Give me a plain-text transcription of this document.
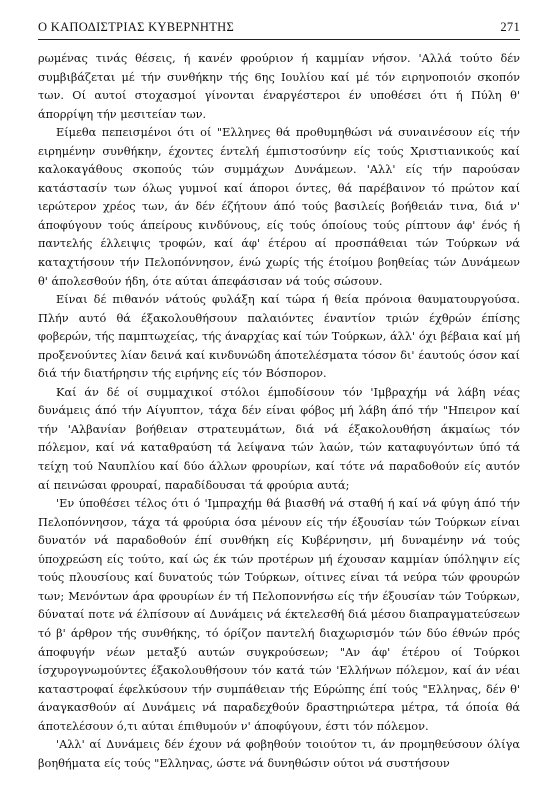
Ο ΚΑΠΟΔΙΣΤΡΙΑΣ ΚΥΒΕΡΝΗΤΗΣ	271

ρωμένας τινάς θέσεις, ή κανέν φρούριον ή καμμίαν νήσον. 'Αλλά τούτο δέν συμβιβάζεται μέ τήν συνθήκην τής 6ης Ιουλίου καί μέ τόν ειρηνοποιόν σκοπόν των. Οί αυτοί στοχασμοί γίνονται έναργέστεροι έν υποθέσει ότι ή Πύλη θ' άπορρίψη τήν μεσιτείαν των.

Είμεθα πεπεισμένοι ότι οί "Ελληνες θά προθυμηθώσι νά συναινέσουν είς τήν ειρημένην συνθήκην, έχοντες έντελή έμπιστοσύνην είς τούς Χριστιανικούς καί καλοκαγάθους σκοπούς τών συμμάχων Δυνάμεων. 'Αλλ' είς τήν παρούσαν κατάστασίν των όλως γυμνοί καί άποροι όντες, θά παρέβαινον τό πρώτον καί ιερώτερον χρέος των, άν δέν έζήτουν άπό τούς βασιλείς βοήθειάν τινα, διά ν' άποφύγουν τούς άπείρους κινδύνους, είς τούς όποίους τούς ρίπτουν άφ' ένός ή παντελής έλλειψις τροφών, καί άφ' έτέρου αί προσπάθειαι τών Τούρκων νά καταχτήσουν τήν Πελοπόννησον, ένώ χωρίς τής έτοίμου βοηθείας τών Δυνάμεων θ' άπολεσθούν ήδη, ότε αύται άπεφάσισαν νά τούς σώσουν.

Είναι δέ πιθανόν νάτούς φυλάξη καί τώρα ή θεία πρόνοια θαυματουργούσα. Πλήν αυτό θά έξακολουθήσουν παλαιόντες έναντίον τριών έχθρών έπίσης φοβερών, τής παμπτωχείας, τής άναρχίας καί τών Τούρκων, άλλ' όχι βέβαια καί μή προξενούντες λίαν δεινά καί κινδυνώδη άποτελέσματα τόσον δι' έαυτούς όσον καί διά τήν διατήρησιν τής ειρήνης είς τόν Βόσπορον.

Καί άν δέ οί συμμαχικοί στόλοι έμποδίσουν τόν 'Ιμβραχήμ νά λάβη νέας δυνάμεις άπό τήν Αίγυπτον, τάχα δέν είναι φόβος μή λάβη άπό τήν "Ηπειρον καί τήν 'Αλβανίαν βοήθειαν στρατευμάτων, διά νά έξακολουθήση άκμαίως τόν πόλεμον, καί νά καταθραύση τά λείψανα τών λαών, τών καταφυγόντων ύπό τά τείχη τού Ναυπλίου καί δύο άλλων φρουρίων, καί τότε νά παραδοθούν είς αυτόν αί πεινώσαι φρουραί, παραδίδουσαι τά φρούρια αυτά;

'Εν ύποθέσει τέλος ότι ό 'Ιμπραχήμ θά βιασθή νά σταθή ή καί νά φύγη άπό τήν Πελοπόννησον, τάχα τά φρούρια όσα μένουν είς τήν έξουσίαν τών Τούρκων είναι δυνατόν νά παραδοθούν έπί συνθήκη είς Κυβέρνησιν, μή δυναμένην νά τούς ύποχρεώση είς τούτο, καί ώς έκ τών προτέρων μή έχουσαν καμμίαν ύπόληψιν είς τούς πλουσίους καί δυνατούς τών Τούρκων, οίτινες είναι τά νεύρα τών φρουρών των; Μενόντων άρα φρουρίων έν τή Πελοποννήσω είς τήν έξουσίαν τών Τούρκων, δύναταί ποτε νά έλπίσουν αί Δυνάμεις νά έκτελεσθή διά μέσου διαπραγματεύσεων τό β' άρθρον τής συνθήκης, τό όρίζον παντελή διαχωρισμόν τών δύο έθνών πρός άποφυγήν νέων μεταξύ αυτών συγκρούσεων; "Αν άφ' έτέρου οί Τούρκοι ίσχυρογνωμούντες έξακολουθήσουν τόν κατά τών 'Ελλήνων πόλεμον, καί άν νέαι καταστροφαί έφελκύσουν τήν συμπάθειαν τής Εύρώπης έπί τούς "Ελληνας, δέν θ' άναγκασθούν αί Δυνάμεις νά παραδεχθούν δραστηριώτερα μέτρα, τά όποία θά άποτελέσουν ό,τι αύται έπιθυμούν ν' άποφύγουν, έστι τόν πόλεμον.

'Αλλ' αί Δυνάμεις δέν έχουν νά φοβηθούν τοιούτον τι, άν προμηθεύσουν όλίγα βοηθήματα είς τούς "Ελληνας, ώστε νά δυνηθώσιν ούτοι νά συστήσουν
